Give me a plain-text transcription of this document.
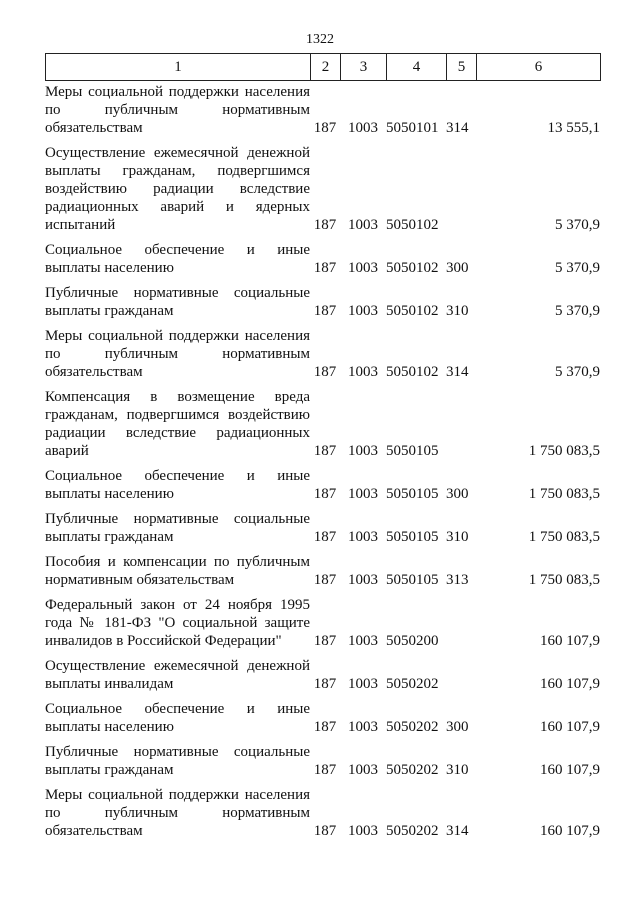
1322
1	2	3	4	5	6
Меры социальной поддержки населения по публичным нормативным обязательствам	187	1003	5050101	314	13 555,1
Осуществление ежемесячной денежной выплаты гражданам, подвергшимся воздействию радиации вследствие радиационных аварий и ядерных испытаний	187	1003	5050102		5 370,9
Социальное обеспечение и иные выплаты населению	187	1003	5050102	300	5 370,9
Публичные нормативные социальные выплаты гражданам	187	1003	5050102	310	5 370,9
Меры социальной поддержки населения по публичным нормативным обязательствам	187	1003	5050102	314	5 370,9
Компенсация в возмещение вреда гражданам, подвергшимся воздействию радиации вследствие радиационных аварий	187	1003	5050105		1 750 083,5
Социальное обеспечение и иные выплаты населению	187	1003	5050105	300	1 750 083,5
Публичные нормативные социальные выплаты гражданам	187	1003	5050105	310	1 750 083,5
Пособия и компенсации по публичным нормативным обязательствам	187	1003	5050105	313	1 750 083,5
Федеральный закон от 24 ноября 1995 года № 181-ФЗ "О социальной защите инвалидов в Российской Федерации"	187	1003	5050200		160 107,9
Осуществление ежемесячной денежной выплаты инвалидам	187	1003	5050202		160 107,9
Социальное обеспечение и иные выплаты населению	187	1003	5050202	300	160 107,9
Публичные нормативные социальные выплаты гражданам	187	1003	5050202	310	160 107,9
Меры социальной поддержки населения по публичным нормативным обязательствам	187	1003	5050202	314	160 107,9
